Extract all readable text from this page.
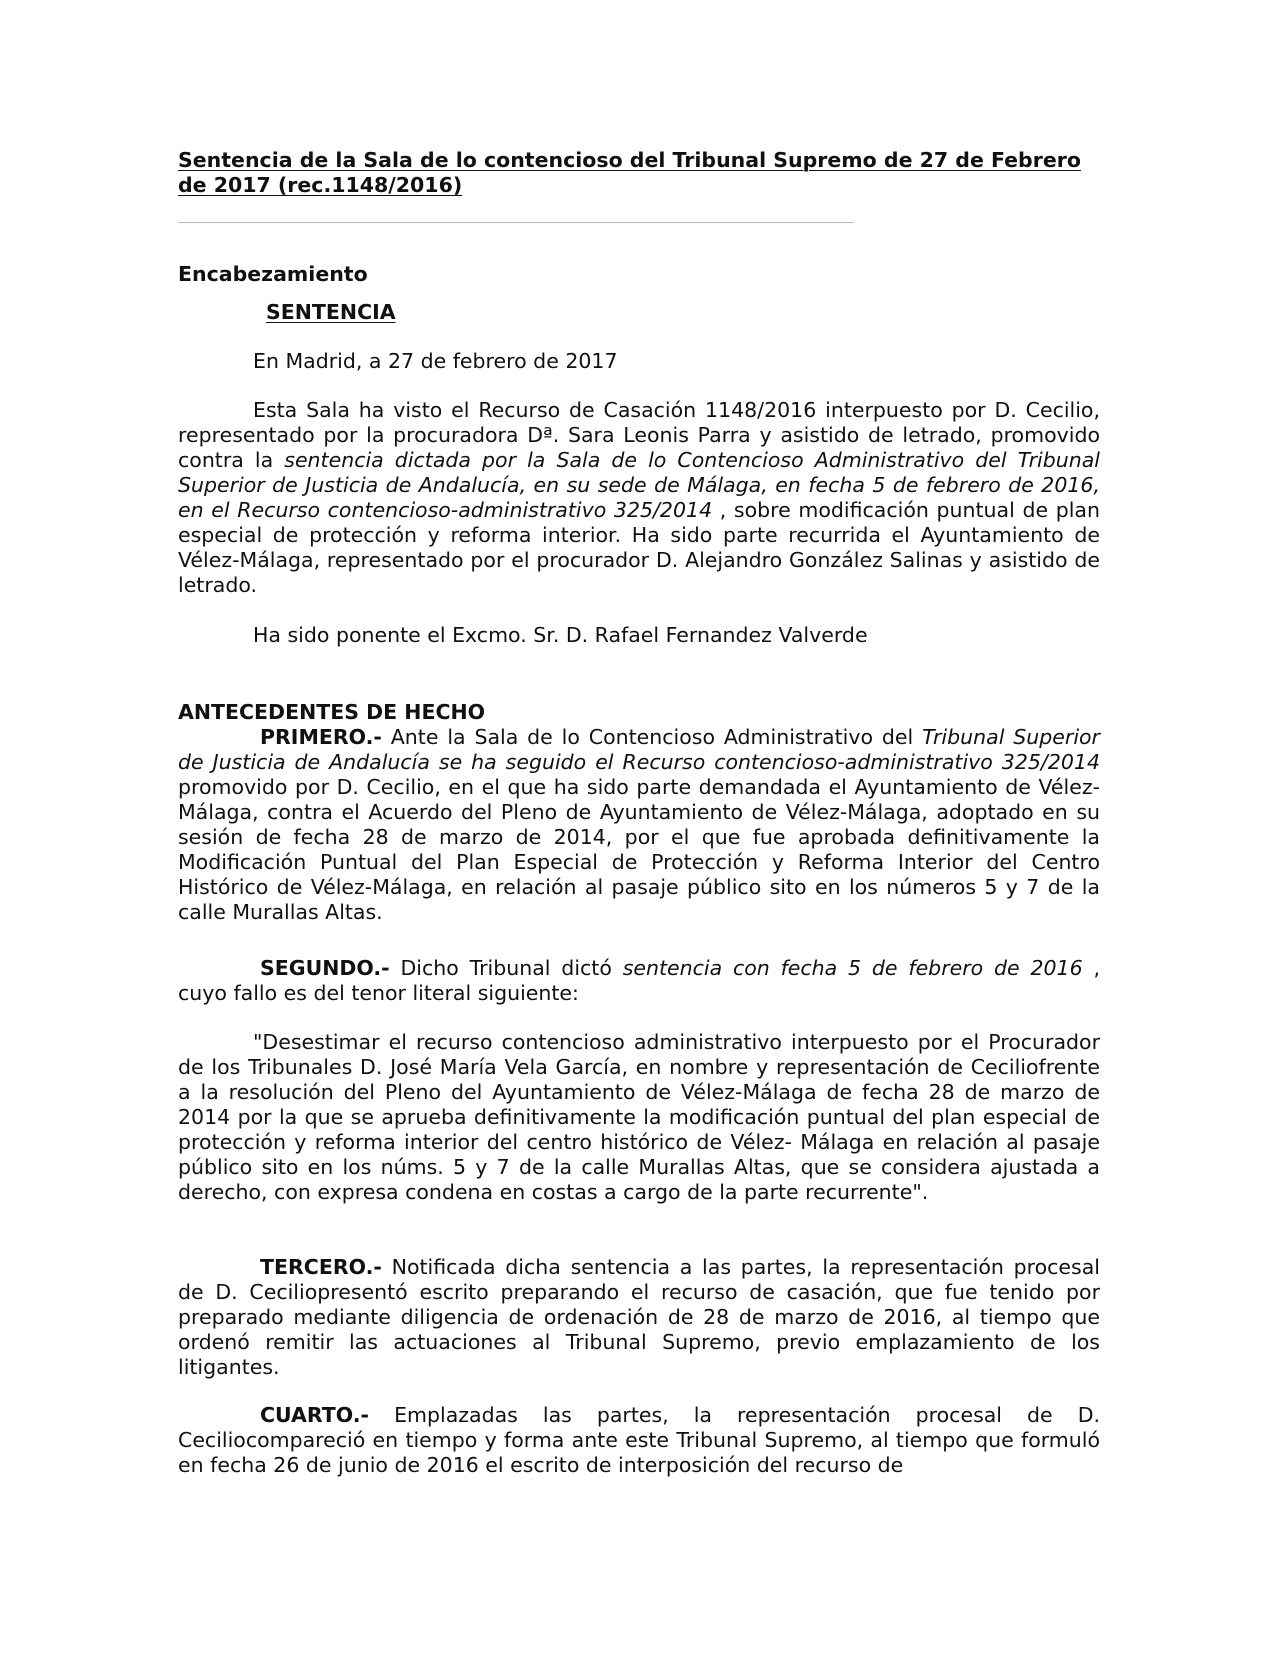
Sentencia de la Sala de lo contencioso del Tribunal Supremo de 27 de Febrero de 2017 (rec.1148/2016)

Encabezamiento

SENTENCIA

En Madrid, a 27 de febrero de 2017

Esta Sala ha visto el Recurso de Casación 1148/2016 interpuesto por D. Cecilio, representado por la procuradora Dª. Sara Leonis Parra y asistido de letrado, promovido contra la sentencia dictada por la Sala de lo Contencioso Administrativo del Tribunal Superior de Justicia de Andalucía, en su sede de Málaga, en fecha 5 de febrero de 2016, en el Recurso contencioso-administrativo 325/2014 , sobre modificación puntual de plan especial de protección y reforma interior. Ha sido parte recurrida el Ayuntamiento de Vélez-Málaga, representado por el procurador D. Alejandro González Salinas y asistido de letrado.

Ha sido ponente el Excmo. Sr. D. Rafael Fernandez Valverde

ANTECEDENTES DE HECHO

PRIMERO.- Ante la Sala de lo Contencioso Administrativo del Tribunal Superior de Justicia de Andalucía se ha seguido el Recurso contencioso-administrativo 325/2014 promovido por D. Cecilio, en el que ha sido parte demandada el Ayuntamiento de Vélez-Málaga, contra el Acuerdo del Pleno de Ayuntamiento de Vélez-Málaga, adoptado en su sesión de fecha 28 de marzo de 2014, por el que fue aprobada definitivamente la Modificación Puntual del Plan Especial de Protección y Reforma Interior del Centro Histórico de Vélez-Málaga, en relación al pasaje público sito en los números 5 y 7 de la calle Murallas Altas.

SEGUNDO.- Dicho Tribunal dictó sentencia con fecha 5 de febrero de 2016 , cuyo fallo es del tenor literal siguiente:

"Desestimar el recurso contencioso administrativo interpuesto por el Procurador de los Tribunales D. José María Vela García, en nombre y representación de Ceciliofrente a la resolución del Pleno del Ayuntamiento de Vélez-Málaga de fecha 28 de marzo de 2014 por la que se aprueba definitivamente la modificación puntual del plan especial de protección y reforma interior del centro histórico de Vélez- Málaga en relación al pasaje público sito en los núms. 5 y 7 de la calle Murallas Altas, que se considera ajustada a derecho, con expresa condena en costas a cargo de la parte recurrente".

TERCERO.- Notificada dicha sentencia a las partes, la representación procesal de D. Ceciliopresentó escrito preparando el recurso de casación, que fue tenido por preparado mediante diligencia de ordenación de 28 de marzo de 2016, al tiempo que ordenó remitir las actuaciones al Tribunal Supremo, previo emplazamiento de los litigantes.

CUARTO.- Emplazadas las partes, la representación procesal de D. Ceciliocompareció en tiempo y forma ante este Tribunal Supremo, al tiempo que formuló en fecha 26 de junio de 2016 el escrito de interposición del recurso de
